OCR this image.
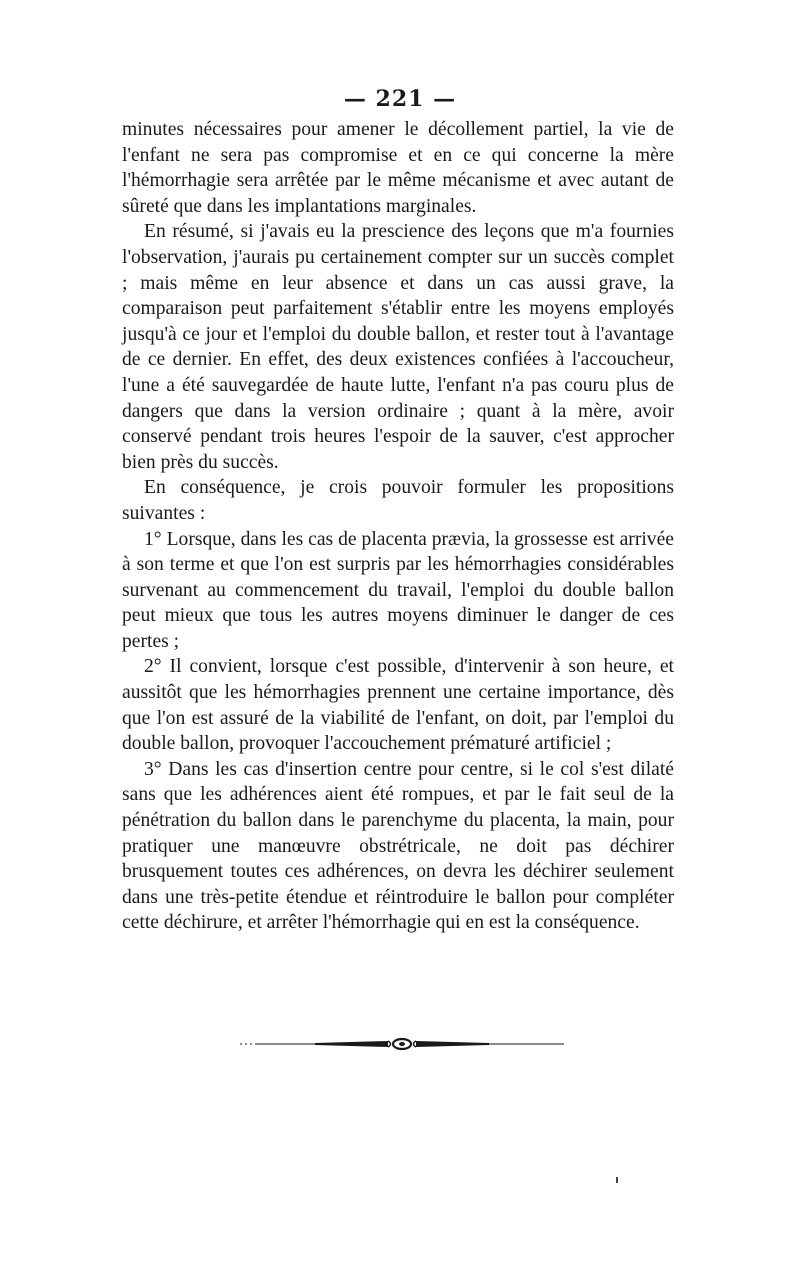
— 221 —

minutes nécessaires pour amener le décollement partiel, la vie de l'enfant ne sera pas compromise et en ce qui concerne la mère l'hémorrhagie sera arrêtée par le même mécanisme et avec autant de sûreté que dans les implantations marginales.

En résumé, si j'avais eu la prescience des leçons que m'a fournies l'observation, j'aurais pu certainement compter sur un succès complet ; mais même en leur absence et dans un cas aussi grave, la comparaison peut parfaitement s'établir entre les moyens employés jusqu'à ce jour et l'emploi du double ballon, et rester tout à l'avantage de ce dernier. En effet, des deux existences confiées à l'accoucheur, l'une a été sauvegardée de haute lutte, l'enfant n'a pas couru plus de dangers que dans la version ordinaire ; quant à la mère, avoir conservé pendant trois heures l'espoir de la sauver, c'est approcher bien près du succès.

En conséquence, je crois pouvoir formuler les propositions suivantes :

1° Lorsque, dans les cas de placenta prævia, la grossesse est arrivée à son terme et que l'on est surpris par les hémorrhagies considérables survenant au commencement du travail, l'emploi du double ballon peut mieux que tous les autres moyens diminuer le danger de ces pertes ;

2° Il convient, lorsque c'est possible, d'intervenir à son heure, et aussitôt que les hémorrhagies prennent une certaine importance, dès que l'on est assuré de la viabilité de l'enfant, on doit, par l'emploi du double ballon, provoquer l'accouchement prématuré artificiel ;

3° Dans les cas d'insertion centre pour centre, si le col s'est dilaté sans que les adhérences aient été rompues, et par le fait seul de la pénétration du ballon dans le parenchyme du placenta, la main, pour pratiquer une manœuvre obstrétricale, ne doit pas déchirer brusquement toutes ces adhérences, on devra les déchirer seulement dans une très-petite étendue et réintroduire le ballon pour compléter cette déchirure, et arrêter l'hémorrhagie qui en est la conséquence.
